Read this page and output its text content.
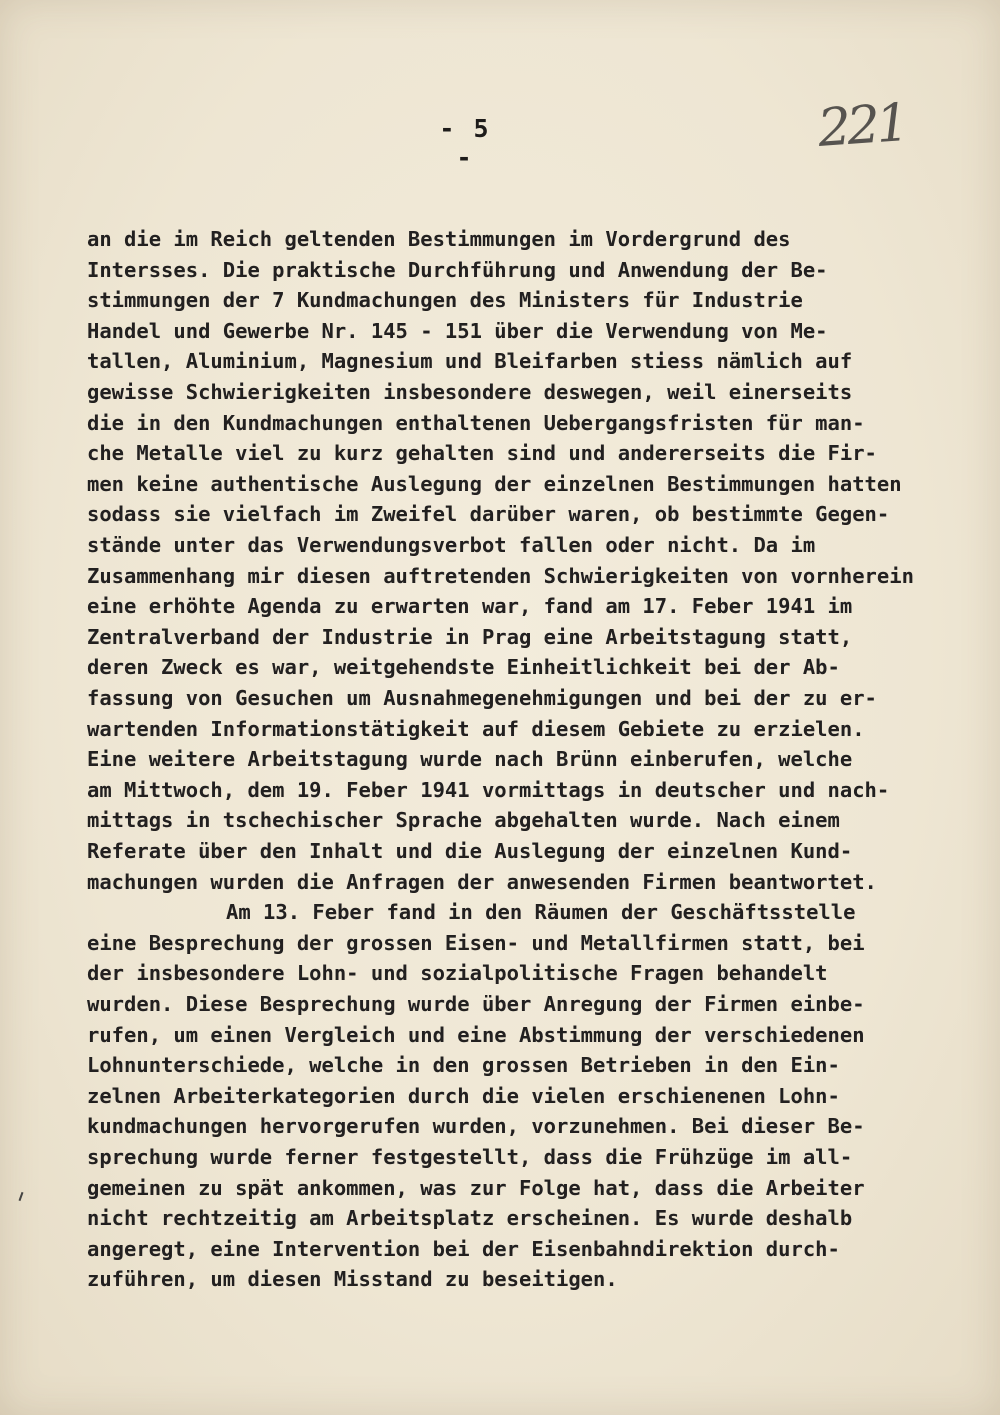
- 5 -	221
an die im Reich geltenden Bestimmungen im Vordergrund des
Intersses. Die praktische Durchführung und Anwendung der Be-
stimmungen der 7 Kundmachungen des Ministers für Industrie
Handel und Gewerbe Nr. 145 - 151 über die Verwendung von Me-
tallen, Aluminium, Magnesium und Bleifarben stiess nämlich auf
gewisse Schwierigkeiten insbesondere deswegen, weil einerseits
die in den Kundmachungen enthaltenen Uebergangsfristen für man-
che Metalle viel zu kurz gehalten sind und andererseits die Fir-
men keine authentische Auslegung der einzelnen Bestimmungen hatten
sodass sie vielfach im Zweifel darüber waren, ob bestimmte Gegen-
stände unter das Verwendungsverbot fallen oder nicht. Da im
Zusammenhang mir diesen auftretenden Schwierigkeiten von vornherein
eine erhöhte Agenda zu erwarten war, fand am 17. Feber 1941 im
Zentralverband der Industrie in Prag eine Arbeitstagung statt,
deren Zweck es war, weitgehendste Einheitlichkeit bei der Ab-
fassung von Gesuchen um Ausnahmegenehmigungen und bei der zu er-
wartenden Informationstätigkeit auf diesem Gebiete zu erzielen.
Eine weitere Arbeitstagung wurde nach Brünn einberufen, welche
am Mittwoch, dem 19. Feber 1941 vormittags in deutscher und nach-
mittags in tschechischer Sprache abgehalten wurde. Nach einem
Referate über den Inhalt und die Auslegung der einzelnen Kund-
machungen wurden die Anfragen der anwesenden Firmen beantwortet.
Am 13. Feber fand in den Räumen der Geschäftsstelle
eine Besprechung der grossen Eisen- und Metallfirmen statt, bei
der insbesondere Lohn- und sozialpolitische Fragen behandelt
wurden. Diese Besprechung wurde über Anregung der Firmen einbe-
rufen, um einen Vergleich und eine Abstimmung der verschiedenen
Lohnunterschiede, welche in den grossen Betrieben in den Ein-
zelnen Arbeiterkategorien durch die vielen erschienenen Lohn-
kundmachungen hervorgerufen wurden, vorzunehmen. Bei dieser Be-
sprechung wurde ferner festgestellt, dass die Frühzüge im all-
gemeinen zu spät ankommen, was zur Folge hat, dass die Arbeiter
nicht rechtzeitig am Arbeitsplatz erscheinen. Es wurde deshalb
angeregt, eine Intervention bei der Eisenbahndirektion durch-
zuführen, um diesen Misstand zu beseitigen.
